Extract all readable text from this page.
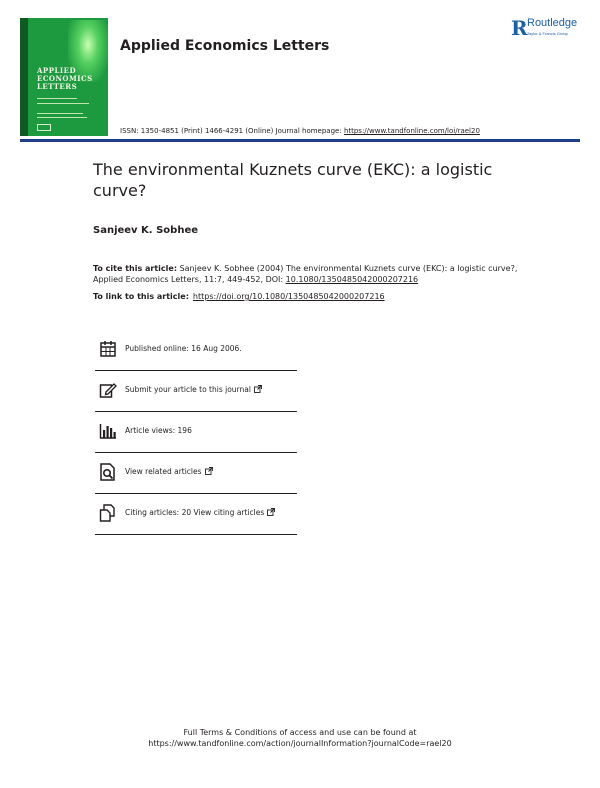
APPLIED
ECONOMICS
LETTERS
Applied Economics Letters
R Routledge
Taylor & Francis Group
ISSN: 1350-4851 (Print) 1466-4291 (Online) Journal homepage: https://www.tandfonline.com/loi/rael20
The environmental Kuznets curve (EKC): a logistic curve?
Sanjeev K. Sobhee
To cite this article: Sanjeev K. Sobhee (2004) The environmental Kuznets curve (EKC): a logistic curve?, Applied Economics Letters, 11:7, 449-452, DOI: 10.1080/1350485042000207216
To link to this article: https://doi.org/10.1080/1350485042000207216
Published online: 16 Aug 2006.
Submit your article to this journal
Article views: 196
View related articles
Citing articles: 20 View citing articles
Full Terms & Conditions of access and use can be found at
https://www.tandfonline.com/action/journalInformation?journalCode=rael20
